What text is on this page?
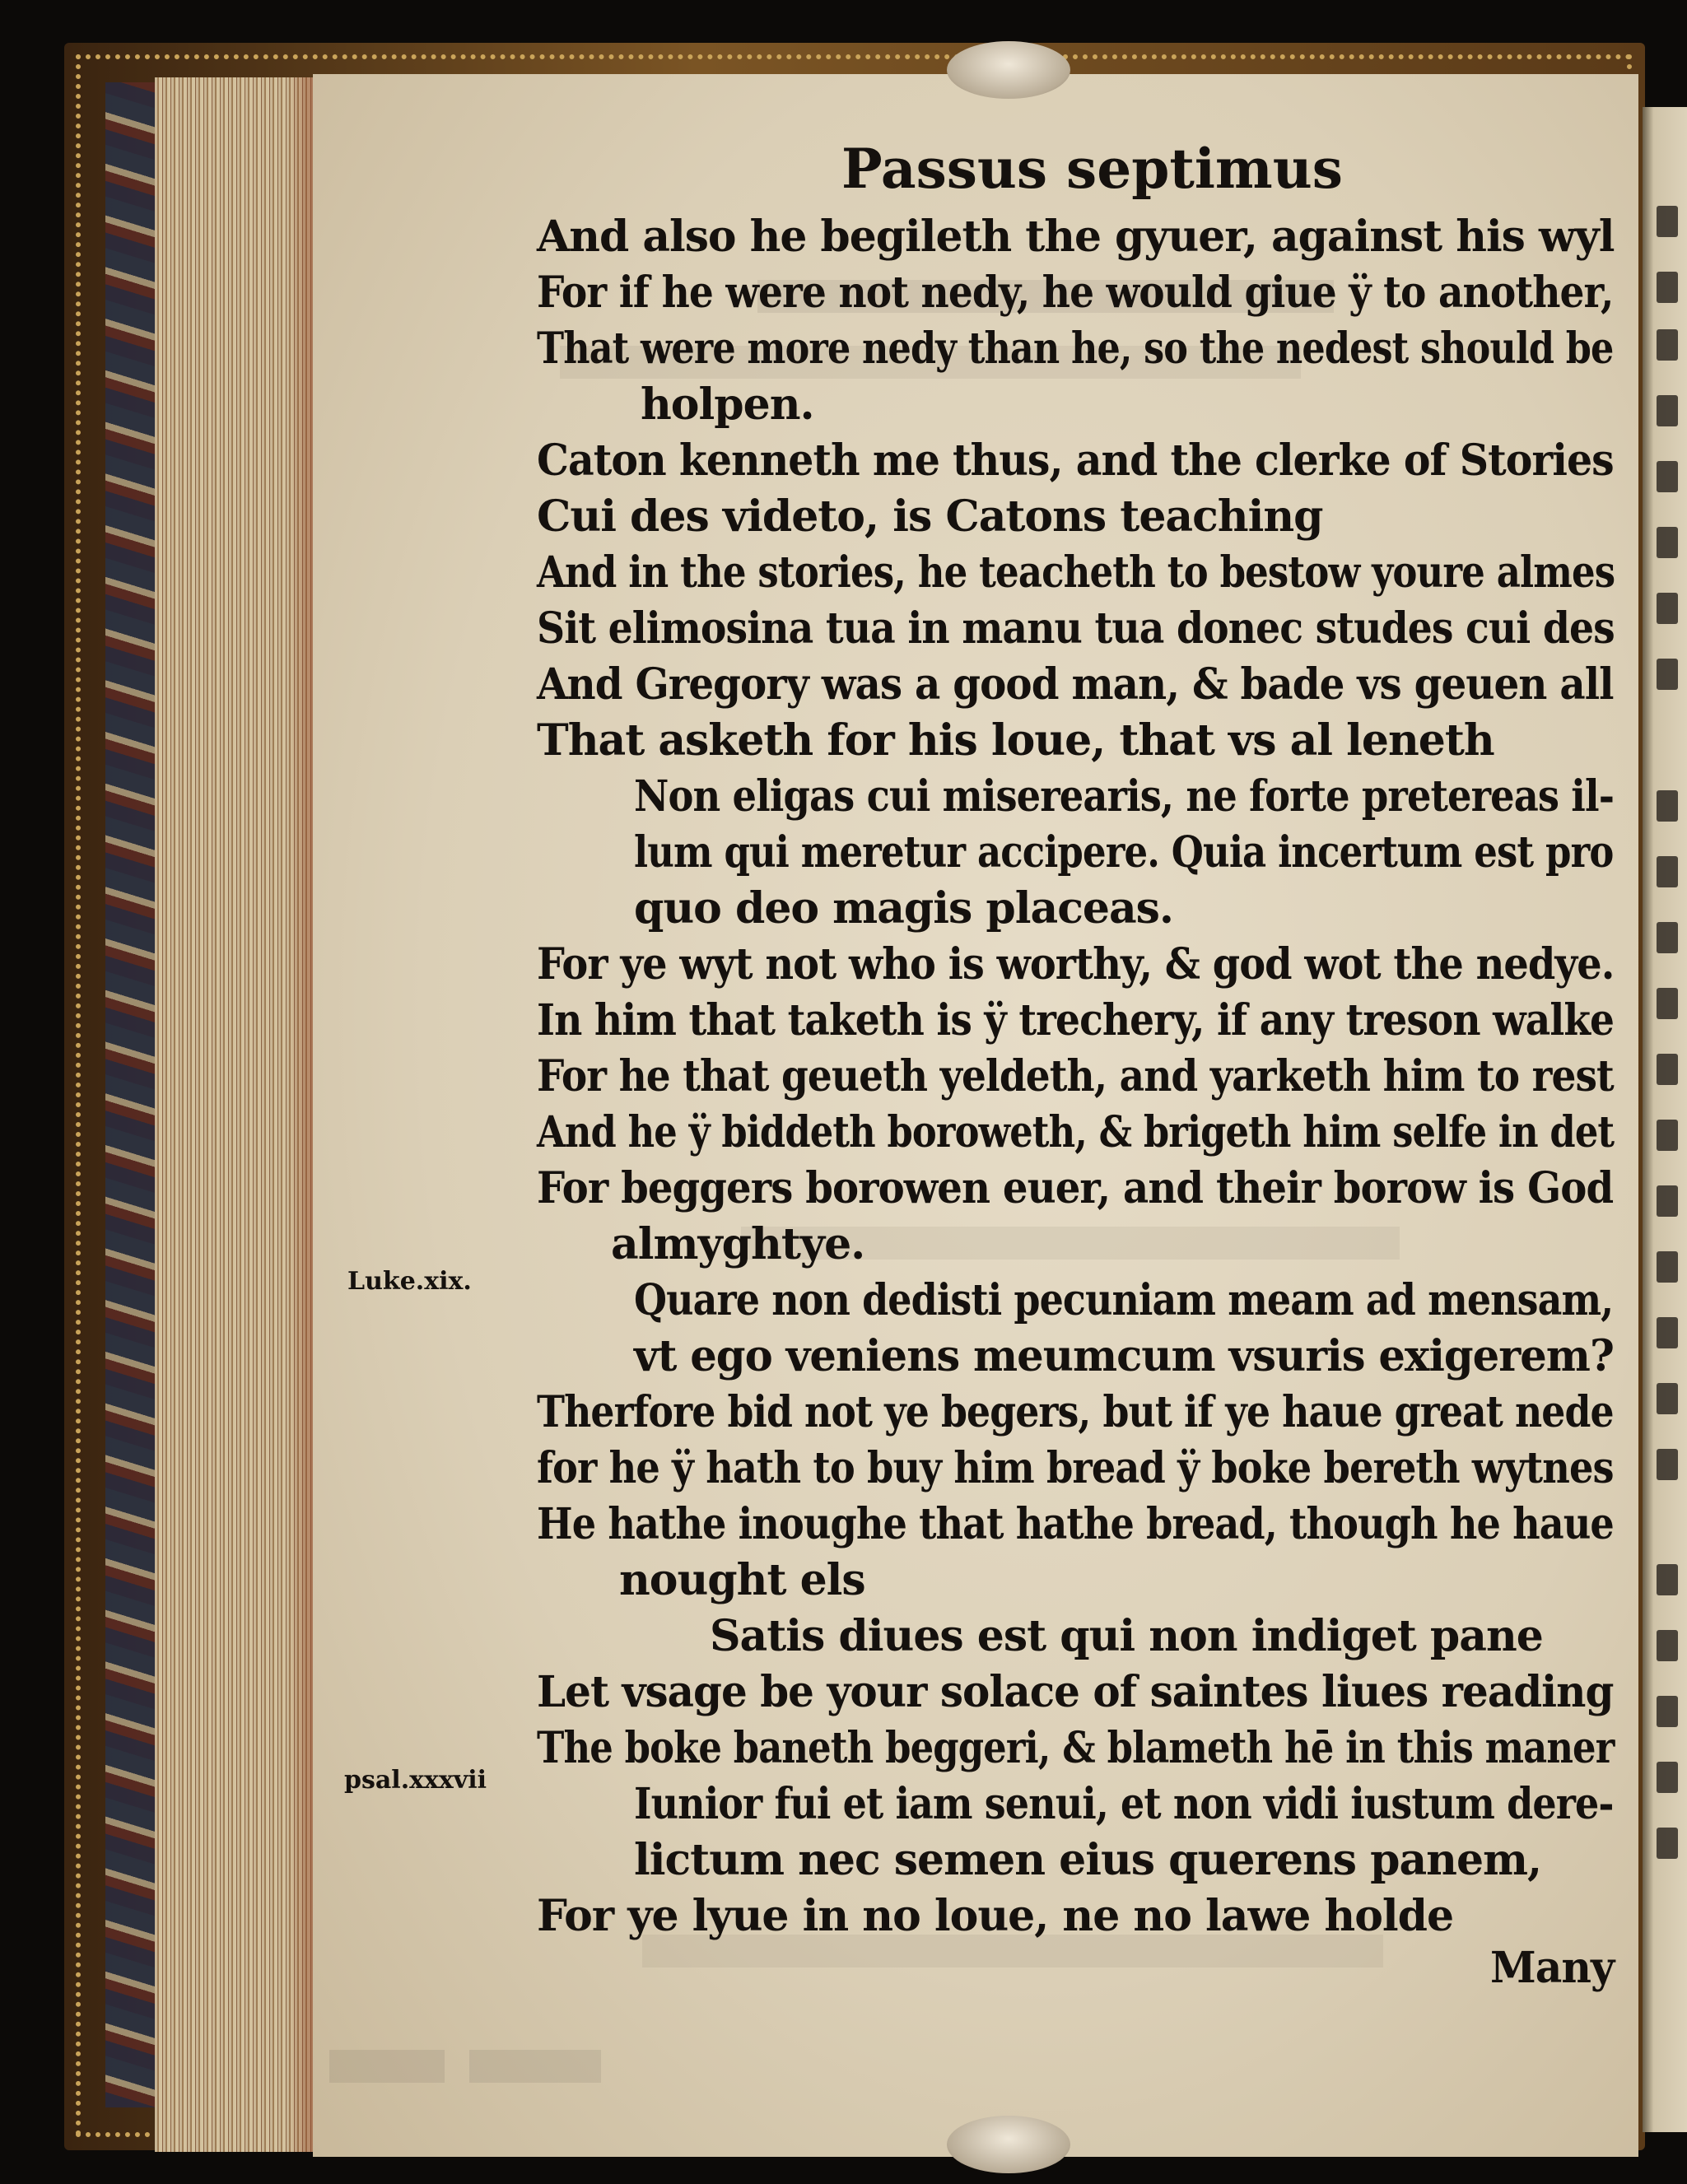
Passus septimus
And also he begileth the gyuer, against his wyl
For if he were not nedy, he would giue ÿ to another,
That were more nedy than he, so the nedest should be
holpen.
Caton kenneth me thus, and the clerke of Stories
Cui des videto, is Catons teaching
And in the stories, he teacheth to bestow youre almes
Sit elimosina tua in manu tua donec studes cui des
And Gregory was a good man, & bade vs geuen all
That asketh for his loue, that vs al leneth
Non eligas cui miserearis, ne forte pretereas il-
lum qui meretur accipere. Quia incertum est pro
quo deo magis placeas.
For ye wyt not who is worthy, & god wot the nedye.
In him that taketh is ÿ trechery, if any treson walke
For he that geueth yeldeth, and yarketh him to rest
And he ÿ biddeth boroweth, & brigeth him selfe in det
For beggers borowen euer, and their borow is God
almyghtye.
Quare non dedisti pecuniam meam ad mensam,
vt ego veniens meumcum vsuris exigerem?
Therfore bid not ye begers, but if ye haue great nede
for he ÿ hath to buy him bread ÿ boke bereth wytnes
He hathe inoughe that hathe bread, though he haue
nought els
Satis diues est qui non indiget pane
Let vsage be your solace of saintes liues reading
The boke baneth beggeri, & blameth hē in this maner
Iunior fui et iam senui, et non vidi iustum dere-
lictum nec semen eius querens panem,
For ye lyue in no loue, ne no lawe holde
Luke.xix.
psal.xxxvii
Many
